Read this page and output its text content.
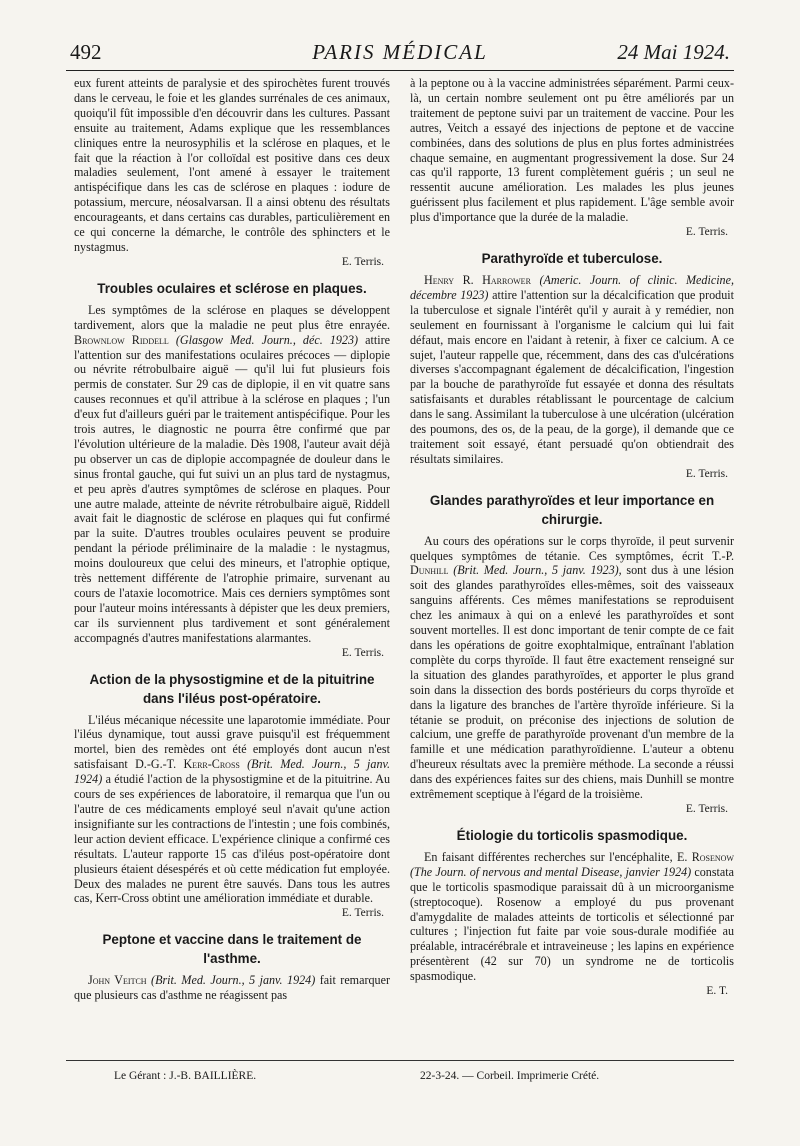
492	PARIS MÉDICAL	24 Mai 1924.

eux furent atteints de paralysie et des spirochètes furent trouvés dans le cerveau, le foie et les glandes surrénales de ces animaux, quoiqu'il fût impossible d'en découvrir dans les cultures. Passant ensuite au traitement, Adams explique que les ressemblances cliniques entre la neurosyphilis et la sclérose en plaques, et le fait que la réaction à l'or colloïdal est positive dans ces deux maladies seulement, l'ont amené à essayer le traitement antispécifique dans les cas de sclérose en plaques : iodure de potassium, mercure, néosalvarsan. Il a ainsi obtenu des résultats encourageants, et dans certains cas durables, particulièrement en ce qui concerne la démarche, le contrôle des sphincters et le nystagmus.

E. Terris.

Troubles oculaires et sclérose en plaques.

Les symptômes de la sclérose en plaques se développent tardivement, alors que la maladie ne peut plus être enrayée. Brownlow Riddell (Glasgow Med. Journ., déc. 1923) attire l'attention sur des manifestations oculaires précoces — diplopie ou névrite rétrobulbaire aiguë — qu'il lui fut plusieurs fois permis de constater. Sur 29 cas de diplopie, il en vit quatre sans causes reconnues et qu'il attribue à la sclérose en plaques ; l'un d'eux fut d'ailleurs guéri par le traitement antispécifique. Pour les trois autres, le diagnostic ne pourra être confirmé que par l'évolution ultérieure de la maladie. Dès 1908, l'auteur avait déjà pu observer un cas de diplopie accompagnée de douleur dans le sinus frontal gauche, qui fut suivi un an plus tard de nystagmus, et peu après d'autres symptômes de sclérose en plaques. Pour une autre malade, atteinte de névrite rétrobulbaire aiguë, Riddell avait fait le diagnostic de sclérose en plaques qui fut confirmé par la suite. D'autres troubles oculaires peuvent se produire pendant la période préliminaire de la maladie : le nystagmus, moins douloureux que celui des mineurs, et l'atrophie optique, très nettement différente de l'atrophie primaire, survenant au cours de l'ataxie locomotrice. Mais ces derniers symptômes sont pour l'auteur moins intéressants à dépister que les deux premiers, car ils surviennent plus tardivement et sont généralement accompagnés d'autres manifestations alarmantes.

E. Terris.

Action de la physostigmine et de la pituitrine dans l'iléus post-opératoire.

L'iléus mécanique nécessite une laparotomie immédiate. Pour l'iléus dynamique, tout aussi grave puisqu'il est fréquemment mortel, bien des remèdes ont été employés dont aucun n'est satisfaisant D.-G.-T. Kerr-Cross (Brit. Med. Journ., 5 janv. 1924) a étudié l'action de la physostigmine et de la pituitrine. Au cours de ses expériences de laboratoire, il remarqua que l'un ou l'autre de ces médicaments employé seul n'avait qu'une action insignifiante sur les contractions de l'intestin ; une fois combinés, leur action devient efficace. L'expérience clinique a confirmé ces résultats. L'auteur rapporte 15 cas d'iléus post-opératoire dont plusieurs étaient désespérés et où cette médication fut employée. Deux des malades ne purent être sauvés. Dans tous les autres cas, Kerr-Cross obtint une amélioration immédiate et durable.

E. Terris.

Peptone et vaccine dans le traitement de l'asthme.

John Veitch (Brit. Med. Journ., 5 janv. 1924) fait remarquer que plusieurs cas d'asthme ne réagissent pas

à la peptone ou à la vaccine administrées séparément. Parmi ceux-là, un certain nombre seulement ont pu être améliorés par un traitement de peptone suivi par un traitement de vaccine. Pour les autres, Veitch a essayé des injections de peptone et de vaccine combinées, dans des solutions de plus en plus fortes administrées chaque semaine, en augmentant progressivement la dose. Sur 24 cas qu'il rapporte, 13 furent complètement guéris ; un seul ne ressentit aucune amélioration. Les malades les plus jeunes guérissent plus facilement et plus rapidement. L'âge semble avoir plus d'importance que la durée de la maladie.

E. Terris.

Parathyroïde et tuberculose.

Henry R. Harrower (Americ. Journ. of clinic. Medicine, décembre 1923) attire l'attention sur la décalcification que produit la tuberculose et signale l'intérêt qu'il y aurait à y remédier, non seulement en fournissant à l'organisme le calcium qui lui fait défaut, mais encore en l'aidant à retenir, à fixer ce calcium. A ce sujet, l'auteur rappelle que, récemment, dans des cas d'ulcérations diverses s'accompagnant également de décalcification, l'ingestion par la bouche de parathyroïde fut essayée et donna des résultats satisfaisants et durables rétablissant le pourcentage de calcium dans le sang. Assimilant la tuberculose à une ulcération (ulcération des poumons, des os, de la peau, de la gorge), il demande que ce traitement soit essayé, étant persuadé qu'on obtiendrait des résultats similaires.

E. Terris.

Glandes parathyroïdes et leur importance en chirurgie.

Au cours des opérations sur le corps thyroïde, il peut survenir quelques symptômes de tétanie. Ces symptômes, écrit T.-P. Dunhill (Brit. Med. Journ., 5 janv. 1923), sont dus à une lésion soit des glandes parathyroïdes elles-mêmes, soit des vaisseaux sanguins afférents. Ces mêmes manifestations se reproduisent chez les animaux à qui on a enlevé les parathyroïdes et sont souvent mortelles. Il est donc important de tenir compte de ce fait dans les opérations de goitre exophtalmique, entraînant l'ablation complète du corps thyroïde. Il faut être exactement renseigné sur la situation des glandes parathyroïdes, et apporter le plus grand soin dans la dissection des bords postérieurs du corps thyroïde et dans la ligature des branches de l'artère thyroïde inférieure. Si la tétanie se produit, on préconise des injections de solution de calcium, une greffe de parathyroïde provenant d'un membre de la famille et une médication parathyroïdienne. L'auteur a obtenu d'heureux résultats avec la première méthode. La seconde a réussi dans des expériences faites sur des chiens, mais Dunhill se montre extrêmement sceptique à l'égard de la troisième.

E. Terris.

Étiologie du torticolis spasmodique.

En faisant différentes recherches sur l'encéphalite, E. Rosenow (The Journ. of nervous and mental Disease, janvier 1924) constata que le torticolis spasmodique paraissait dû à un microorganisme (streptocoque). Rosenow a employé du pus provenant d'amygdalite de malades atteints de torticolis et sélectionné par cultures ; l'injection fut faite par voie sous-durale modifiée au préalable, intracérébrale et intraveineuse ; les lapins en expérience présentèrent (42 sur 70) un syndrome ne de torticolis spasmodique.

E. T.

Le Gérant : J.-B. BAILLIÈRE.	22-3-24. — Corbeil. Imprimerie Crété.
